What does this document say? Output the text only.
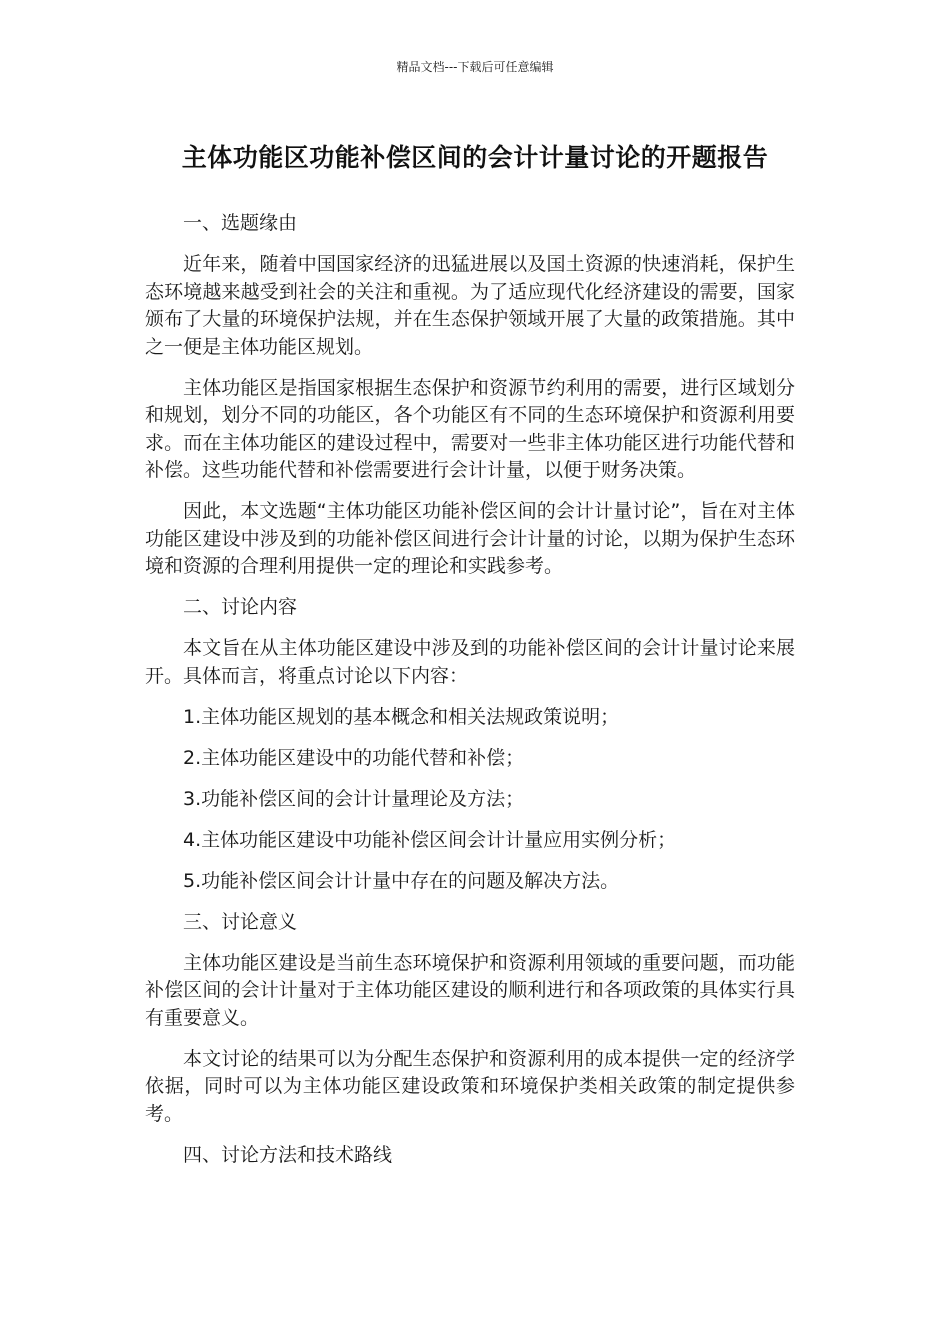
精品文档---下载后可任意编辑
主体功能区功能补偿区间的会计计量讨论的开题报告
一、选题缘由

近年来，随着中国国家经济的迅猛进展以及国土资源的快速消耗，保护生态环境越来越受到社会的关注和重视。为了适应现代化经济建设的需要，国家颁布了大量的环境保护法规，并在生态保护领域开展了大量的政策措施。其中之一便是主体功能区规划。

主体功能区是指国家根据生态保护和资源节约利用的需要，进行区域划分和规划，划分不同的功能区，各个功能区有不同的生态环境保护和资源利用要求。而在主体功能区的建设过程中，需要对一些非主体功能区进行功能代替和补偿。这些功能代替和补偿需要进行会计计量，以便于财务决策。

因此，本文选题“主体功能区功能补偿区间的会计计量讨论”，旨在对主体功能区建设中涉及到的功能补偿区间进行会计计量的讨论，以期为保护生态环境和资源的合理利用提供一定的理论和实践参考。

二、讨论内容

本文旨在从主体功能区建设中涉及到的功能补偿区间的会计计量讨论来展开。具体而言，将重点讨论以下内容：

1.主体功能区规划的基本概念和相关法规政策说明；
2.主体功能区建设中的功能代替和补偿；
3.功能补偿区间的会计计量理论及方法；
4.主体功能区建设中功能补偿区间会计计量应用实例分析；
5.功能补偿区间会计计量中存在的问题及解决方法。
三、讨论意义

主体功能区建设是当前生态环境保护和资源利用领域的重要问题，而功能补偿区间的会计计量对于主体功能区建设的顺利进行和各项政策的具体实行具有重要意义。

本文讨论的结果可以为分配生态保护和资源利用的成本提供一定的经济学依据，同时可以为主体功能区建设政策和环境保护类相关政策的制定提供参考。

四、讨论方法和技术路线
